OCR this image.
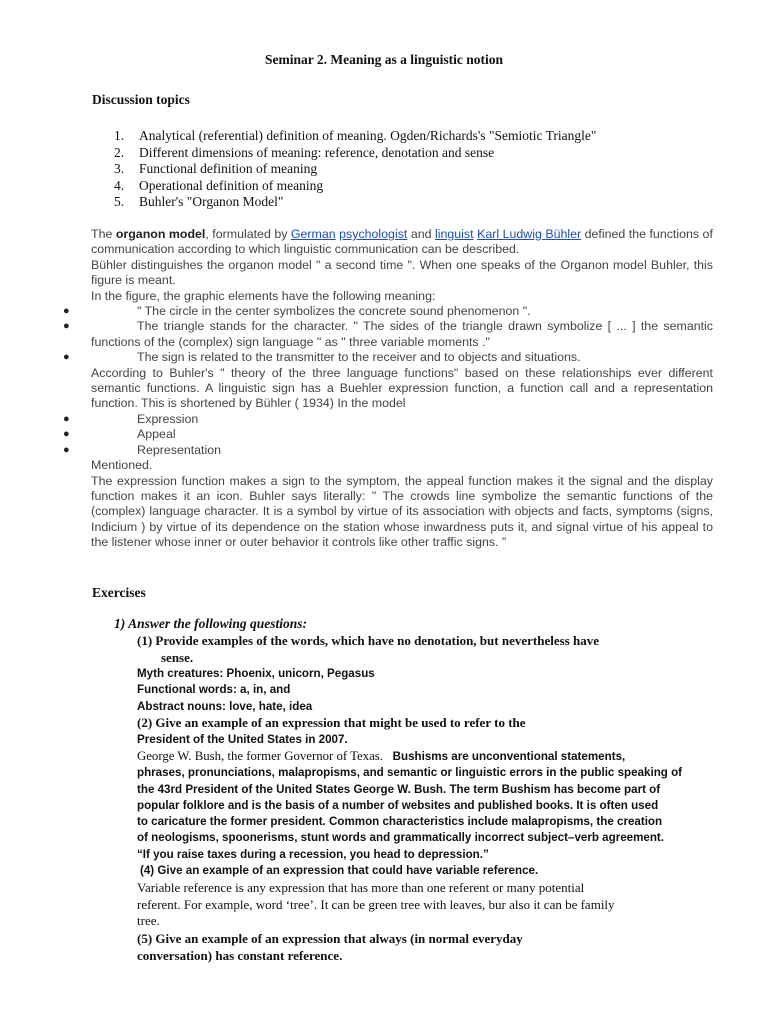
Seminar 2. Meaning as a linguistic notion
Discussion topics
1. Analytical (referential) definition of meaning. Ogden/Richards's "Semiotic Triangle"
2. Different dimensions of meaning: reference, denotation and sense
3. Functional definition of meaning
4. Operational definition of meaning
5. Buhler's "Organon Model"

The organon model, formulated by German psychologist and linguist Karl Ludwig Bühler defined the functions of communication according to which linguistic communication can be described.

Bühler distinguishes the organon model " a second time ". When one speaks of the Organon model Buhler, this figure is meant.

In the figure, the graphic elements have the following meaning:

●	" The circle in the center symbolizes the concrete sound phenomenon ".

●	The triangle stands for the character. " The sides of the triangle drawn symbolize [ ... ] the semantic functions of the (complex) sign language " as " three variable moments ."

●	The sign is related to the transmitter to the receiver and to objects and situations.

According to Buhler's " theory of the three language functions" based on these relationships ever different semantic functions. A linguistic sign has a Buehler expression function, a function call and a representation function. This is shortened by Bühler ( 1934) In the model

●	Expression

●	Appeal

●	Representation

Mentioned.

The expression function makes a sign to the symptom, the appeal function makes it the signal and the display function makes it an icon. Buhler says literally: " The crowds line symbolize the semantic functions of the (complex) language character. It is a symbol by virtue of its association with objects and facts, symptoms (signs, Indicium ) by virtue of its dependence on the station whose inwardness puts it, and signal virtue of his appeal to the listener whose inner or outer behavior it controls like other traffic signs. "

Exercises
1) Answer the following questions:
(1) Provide examples of the words, which have no denotation, but nevertheless have
sense.
Myth creatures: Phoenix, unicorn, Pegasus
Functional words: a, in, and
Abstract nouns: love, hate, idea
(2) Give an example of an expression that might be used to refer to the
President of the United States in 2007.
George W. Bush, the former Governor of Texas. Bushisms are unconventional statements,
phrases, pronunciations, malapropisms, and semantic or linguistic errors in the public speaking of
the 43rd President of the United States George W. Bush. The term Bushism has become part of
popular folklore and is the basis of a number of websites and published books. It is often used
to caricature the former president. Common characteristics include malapropisms, the creation
of neologisms, spoonerisms, stunt words and grammatically incorrect subject–verb agreement.
“If you raise taxes during a recession, you head to depression.”
(4) Give an example of an expression that could have variable reference.
Variable reference is any expression that has more than one referent or many potential
referent. For example, word ‘tree’. It can be green tree with leaves, bur also it can be family
tree.
(5) Give an example of an expression that always (in normal everyday
conversation) has constant reference.
